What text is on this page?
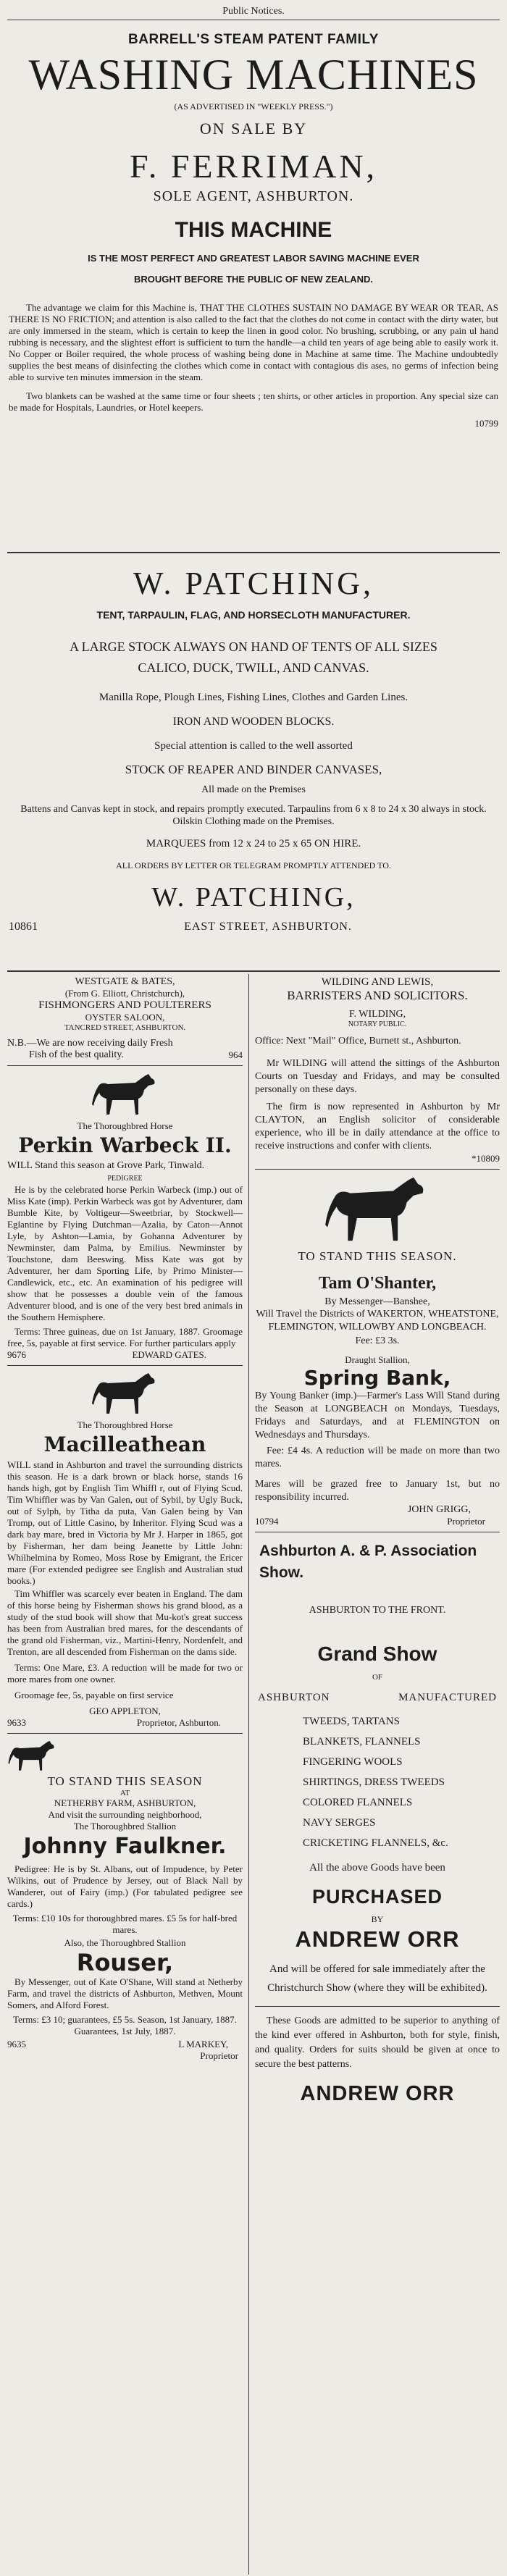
Public Notices.

BARRELL'S STEAM PATENT FAMILY

WASHING MACHINES

(AS ADVERTISED IN "WEEKLY PRESS.")

ON SALE BY

F. FERRIMAN,

SOLE AGENT, ASHBURTON.

THIS MACHINE

IS THE MOST PERFECT AND GREATEST LABOR SAVING MACHINE EVER

BROUGHT BEFORE THE PUBLIC OF NEW ZEALAND.

The advantage we claim for this Machine is, THAT THE CLOTHES SUSTAIN NO DAMAGE BY WEAR OR TEAR, AS THERE IS NO FRICTION; and attention is also called to the fact that the clothes do not come in contact with the dirty water, but are only immersed in the steam, which is certain to keep the linen in good color. No brushing, scrubbing, or any pain ul hand rubbing is necessary, and the slightest effort is sufficient to turn the handle—a child ten years of age being able to easily work it. No Copper or Boiler required, the whole process of washing being done in Machine at same time. The Machine undoubtedly supplies the best means of disinfecting the clothes which come in contact with contagious dis ases, no germs of infection being able to survive ten minutes immersion in the steam.

Two blankets can be washed at the same time or four sheets ; ten shirts, or other articles in proportion. Any special size can be made for Hospitals, Laundries, or Hotel keepers.

10799

W. PATCHING,

TENT, TARPAULIN, FLAG, AND HORSECLOTH MANUFACTURER.

A LARGE STOCK ALWAYS ON HAND OF TENTS OF ALL SIZES

CALICO, DUCK, TWILL, AND CANVAS.

Manilla Rope, Plough Lines, Fishing Lines, Clothes and Garden Lines.

IRON AND WOODEN BLOCKS.

Special attention is called to the well assorted

STOCK OF REAPER AND BINDER CANVASES,

All made on the Premises

Battens and Canvas kept in stock, and repairs promptly executed. Tarpaulins from 6 x 8 to 24 x 30 always in stock. Oilskin Clothing made on the Premises.

MARQUEES from 12 x 24 to 25 x 65 ON HIRE.

ALL ORDERS BY LETTER OR TELEGRAM PROMPTLY ATTENDED TO.

W. PATCHING,

10861	EAST STREET, ASHBURTON.

WESTGATE & BATES,

(From G. Elliott, Christchurch),

FISHMONGERS AND POULTERERS

OYSTER SALOON,

TANCRED STREET, ASHBURTON.

N.B.—We are now receiving daily Fresh

Fish of the best quality.	964

The Thoroughbred Horse

Perkin Warbeck II.

WILL Stand this season at Grove Park, Tinwald.

PEDIGREE

He is by the celebrated horse Perkin Warbeck (imp.) out of Miss Kate (imp). Perkin Warbeck was got by Adventurer, dam Bumble Kite, by Voltigeur—Sweetbriar, by Stockwell—Eglantine by Flying Dutchman—Azalia, by Caton—Annot Lyle, by Ashton—Lamia, by Gohanna Adventurer by Newminster, dam Palma, by Emilius. Newminster by Touchstone, dam Beeswing. Miss Kate was got by Adventurer, her dam Sporting Life, by Primo Minister—Candlewick, etc., etc. An examination of his pedigree will show that he possesses a double vein of the famous Adventurer blood, and is one of the very best bred animals in the Southern Hemisphere.

Terms: Three guineas, due on 1st January, 1887. Groomage free, 5s, payable at first service. For further particulars apply

9676	EDWARD GATES.

The Thoroughbred Horse

Macilleathean

WILL stand in Ashburton and travel the surrounding districts this season. He is a dark brown or black horse, stands 16 hands high, got by English Tim Whiffl r, out of Flying Scud. Tim Whiffler was by Van Galen, out of Sybil, by Ugly Buck, out of Sylph, by Titha da puta, Van Galen being by Van Tromp, out of Little Casino, by Inheritor. Flying Scud was a dark bay mare, bred in Victoria by Mr J. Harper in 1865, got by Fisherman, her dam being Jeanette by Little John: Whilhelmina by Romeo, Moss Rose by Emigrant, the Ericer mare (For extended pedigree see English and Australian stud books.)

Tim Whiffler was scarcely ever beaten in England. The dam of this horse being by Fisherman shows his grand blood, as a study of the stud book will show that Mu-kot's great success has been from Australian bred mares, for the descendants of the grand old Fisherman, viz., Martini-Henry, Nordenfelt, and Trenton, are all descended from Fisherman on the dams side.

Terms: One Mare, £3. A reduction will be made for two or more mares from one owner.

Groomage fee, 5s, payable on first service

GEO APPLETON,

9633	Proprietor, Ashburton.

TO STAND THIS SEASON

AT

NETHERBY FARM, ASHBURTON,

And visit the surrounding neighborhood,

The Thoroughbred Stallion

Johnny Faulkner.

Pedigree: He is by St. Albans, out of Impudence, by Peter Wilkins, out of Prudence by Jersey, out of Black Nall by Wanderer, out of Fairy (imp.) (For tabulated pedigree see cards.)

Terms: £10 10s for thoroughbred mares. £5 5s for half-bred mares.

Also, the Thoroughbred Stallion

Rouser,

By Messenger, out of Kate O'Shane, Will stand at Netherby Farm, and travel the districts of Ashburton, Methven, Mount Somers, and Alford Forest.

Terms: £3 10; guarantees, £5 5s. Season, 1st January, 1887. Guarantees, 1st July, 1887.

9635	L MARKEY,

Proprietor

WILDING AND LEWIS,

BARRISTERS AND SOLICITORS.

F. WILDING,

NOTARY PUBLIC.

Office: Next "Mail" Office, Burnett st., Ashburton.

Mr WILDING will attend the sittings of the Ashburton Courts on Tuesday and Fridays, and may be consulted personally on these days.

The firm is now represented in Ashburton by Mr CLAYTON, an English solicitor of considerable experience, who ill be in daily attendance at the office to receive instructions and confer with clients.

*10809

TO STAND THIS SEASON.

Tam O'Shanter,

By Messenger—Banshee,

Will Travel the Districts of WAKERTON, WHEATSTONE, FLEMINGTON, WILLOWBY AND LONGBEACH.

Fee: £3 3s.

Draught Stallion,

Spring Bank,

By Young Banker (imp.)—Farmer's Lass Will Stand during the Season at LONGBEACH on Mondays, Tuesdays, Fridays and Saturdays, and at FLEMINGTON on Wednesdays and Thursdays.

Fee: £4 4s. A reduction will be made on more than two mares.

Mares will be grazed free to January 1st, but no responsibility incurred.

JOHN GRIGG,

10794	Proprietor

Ashburton A. & P. Association

Show.

ASHBURTON TO THE FRONT.

Grand Show

OF

ASHBURTON	MANUFACTURED

TWEEDS, TARTANS

BLANKETS, FLANNELS

FINGERING WOOLS

SHIRTINGS, DRESS TWEEDS

COLORED FLANNELS

NAVY SERGES

CRICKETING FLANNELS, &c.

All the above Goods have been

PURCHASED

BY

ANDREW ORR

And will be offered for sale immediately after the Christchurch Show (where they will be exhibited).

These Goods are admitted to be superior to anything of the kind ever offered in Ashburton, both for style, finish, and quality. Orders for suits should be given at once to secure the best patterns.

ANDREW ORR
